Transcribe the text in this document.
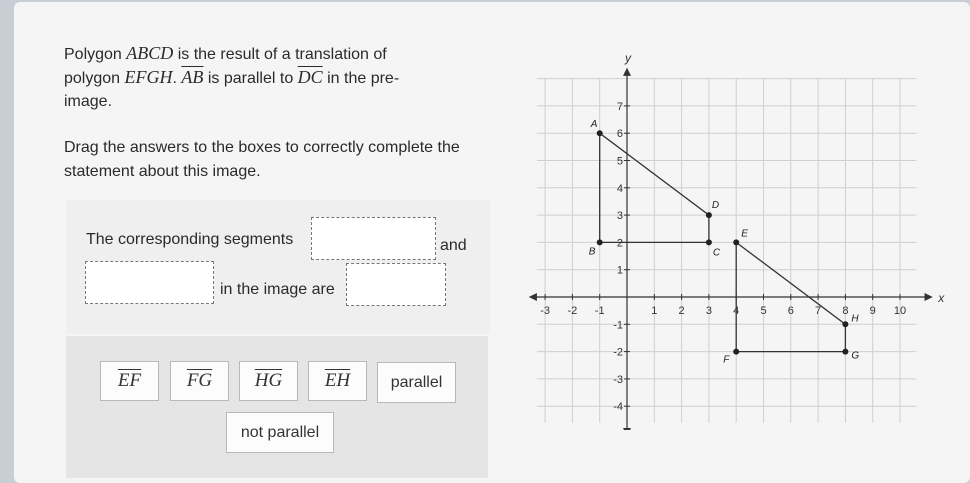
Polygon ABCD is the result of a translation of
polygon EFGH. $\overline{AB}$ is parallel to $\overline{DC}$ in the pre-
image.
Drag the answers to the boxes to correctly complete the
statement about this image.
The corresponding segments	and
in the image are
$\overline{EF}$ $\overline{FG}$ $\overline{HG}$ $\overline{EH}$	parallel
not parallel
x
y
-3 -2 -1	1 2 3 4 5 6 7 8 9 10
7
6
5
4
3
2
1
-1
-2
-3
-4
A
B	C
D
E
F	G
H
